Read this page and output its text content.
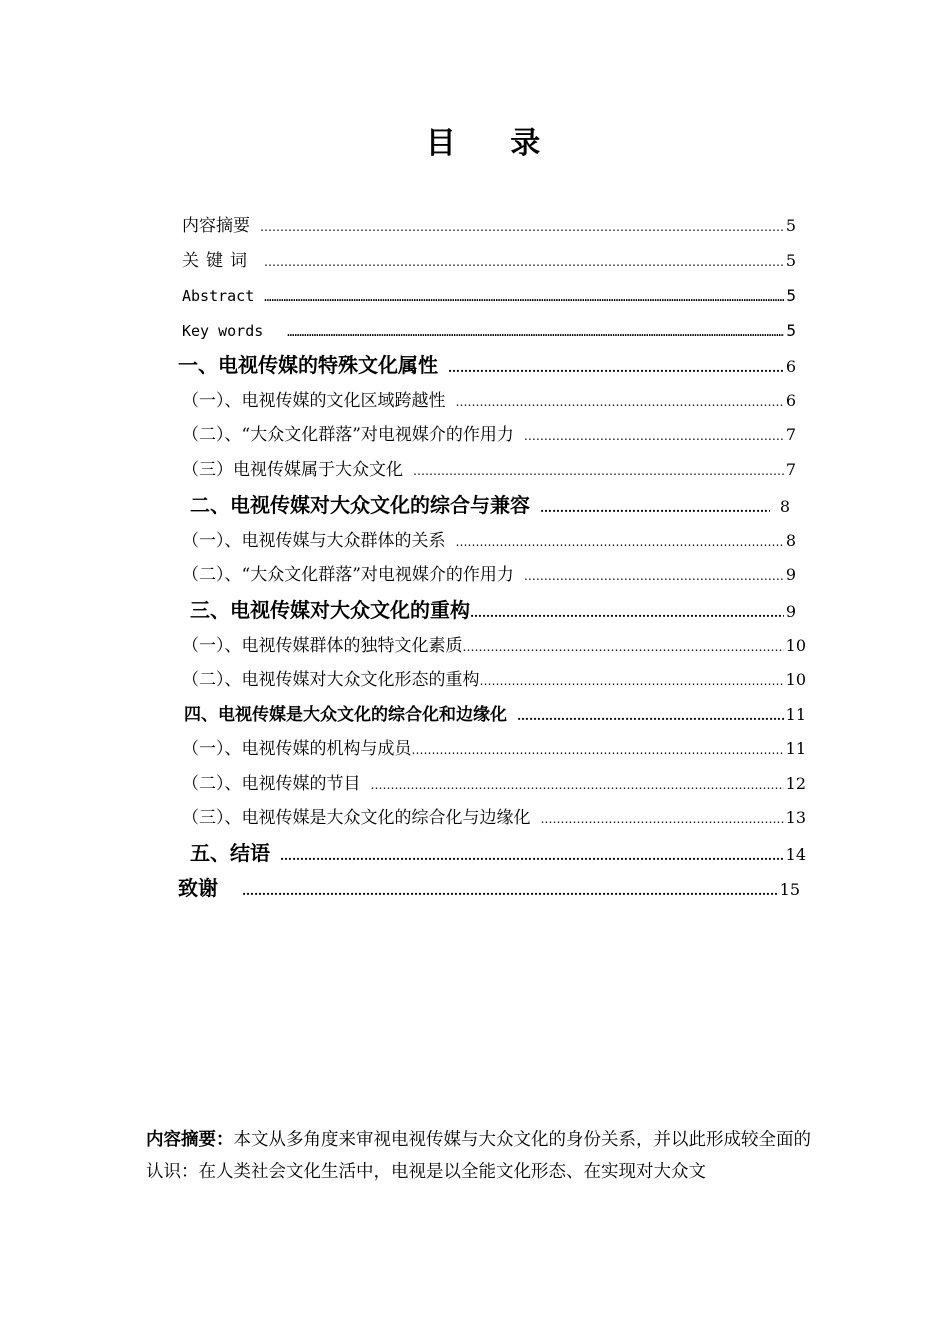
目 录
内容摘要 ……………………………………………………………………………………………………………………………………………………………………………………………………………	5
关键词 ……………………………………………………………………………………………………………………………………………………………………………………………………………	5
Abstract ……………………………………………………………………………………………………………………………………………………………………………………………………………	5
Key words ……………………………………………………………………………………………………………………………………………………………………………………………………………	5
一、电视传媒的特殊文化属性 ……………………………………………………………………………………………………………………………………………………………………………………………………………	6
（一）、电视传媒的文化区域跨越性 ……………………………………………………………………………………………………………………………………………………………………………………………………………	6
（二）、“大众文化群落”对电视媒介的作用力 ……………………………………………………………………………………………………………………………………………………………………………………………………………	7
（三）电视传媒属于大众文化 ……………………………………………………………………………………………………………………………………………………………………………………………………………	7
二、电视传媒对大众文化的综合与兼容 ……………………………………………………………………………………………………………………………………………………………………………………………………………	8
（一）、电视传媒与大众群体的关系 ……………………………………………………………………………………………………………………………………………………………………………………………………………	8
（二）、“大众文化群落”对电视媒介的作用力 ……………………………………………………………………………………………………………………………………………………………………………………………………………	9
三、电视传媒对大众文化的重构 ……………………………………………………………………………………………………………………………………………………………………………………………………………	9
（一）、电视传媒群体的独特文化素质 ……………………………………………………………………………………………………………………………………………………………………………………………………………	10
（二）、电视传媒对大众文化形态的重构 ……………………………………………………………………………………………………………………………………………………………………………………………………………	10
四、电视传媒是大众文化的综合化和边缘化 ……………………………………………………………………………………………………………………………………………………………………………………………………………	11
（一）、电视传媒的机构与成员 ……………………………………………………………………………………………………………………………………………………………………………………………………………	11
（二）、电视传媒的节目 ……………………………………………………………………………………………………………………………………………………………………………………………………………	12
（三）、电视传媒是大众文化的综合化与边缘化 ……………………………………………………………………………………………………………………………………………………………………………………………………………	13
五、结语 ……………………………………………………………………………………………………………………………………………………………………………………………………………	14
致谢 ……………………………………………………………………………………………………………………………………………………………………………………………………………	15
内容摘要：本文从多角度来审视电视传媒与大众文化的身份关系，并以此形成较全面的认识：在人类社会文化生活中，电视是以全能文化形态、在实现对大众文
